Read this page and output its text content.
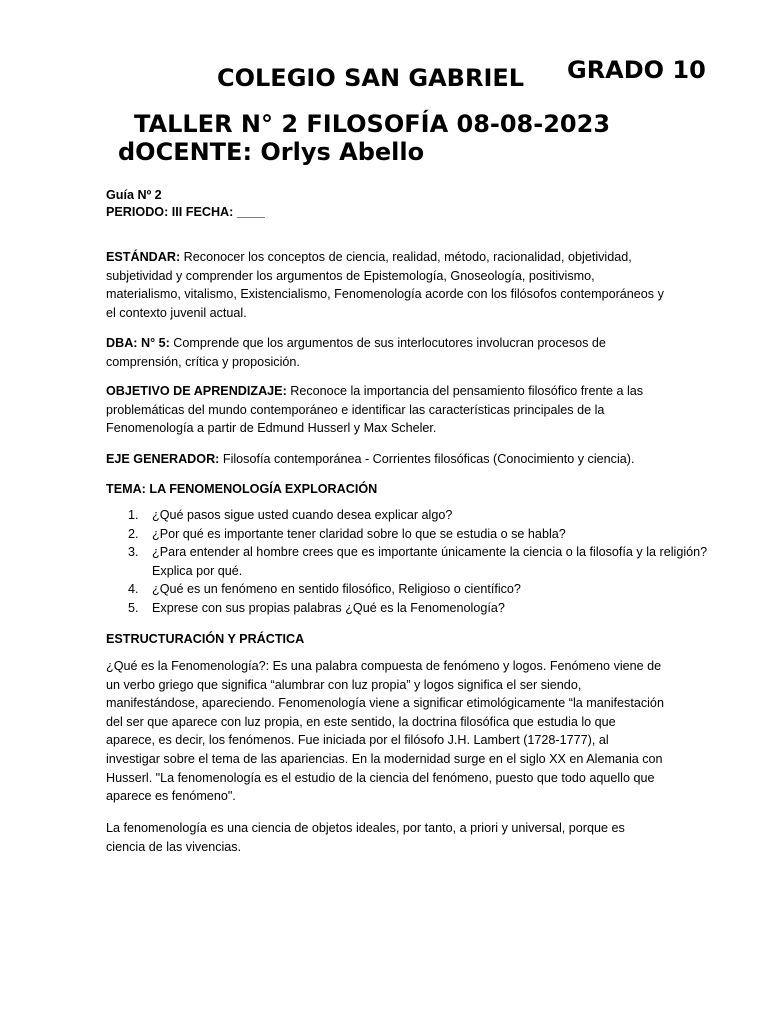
COLEGIO SAN GABRIEL GRADO 10
TALLER N° 2 FILOSOFÍA 08-08-2023
dOCENTE: Orlys Abello
Guía Nº 2
PERIODO: III FECHA: ____
ESTÁNDAR: Reconocer los conceptos de ciencia, realidad, método, racionalidad, objetividad, subjetividad y comprender los argumentos de Epistemología, Gnoseología, positivismo, materialismo, vitalismo, Existencialismo, Fenomenología acorde con los filósofos contemporáneos y el contexto juvenil actual.
DBA: N° 5: Comprende que los argumentos de sus interlocutores involucran procesos de comprensión, crítica y proposición.
OBJETIVO DE APRENDIZAJE: Reconoce la importancia del pensamiento filosófico frente a las problemáticas del mundo contemporáneo e identificar las características principales de la Fenomenología a partir de Edmund Husserl y Max Scheler.
EJE GENERADOR: Filosofía contemporánea - Corrientes filosóficas (Conocimiento y ciencia).
TEMA: LA FENOMENOLOGÍA EXPLORACIÓN
1. ¿Qué pasos sigue usted cuando desea explicar algo?
2. ¿Por qué es importante tener claridad sobre lo que se estudia o se habla?
3. ¿Para entender al hombre crees que es importante únicamente la ciencia o la filosofía y la religión? Explica por qué.
4. ¿Qué es un fenómeno en sentido filosófico, Religioso o científico?
5. Exprese con sus propias palabras ¿Qué es la Fenomenología?
ESTRUCTURACIÓN Y PRÁCTICA
¿Qué es la Fenomenología?: Es una palabra compuesta de fenómeno y logos. Fenómeno viene de un verbo griego que significa “alumbrar con luz propia” y logos significa el ser siendo, manifestándose, apareciendo. Fenomenología viene a significar etimológicamente “la manifestación del ser que aparece con luz propia, en este sentido, la doctrina filosófica que estudia lo que aparece, es decir, los fenómenos. Fue iniciada por el filósofo J.H. Lambert (1728-1777), al investigar sobre el tema de las apariencias. En la modernidad surge en el siglo XX en Alemania con Husserl. "La fenomenología es el estudio de la ciencia del fenómeno, puesto que todo aquello que aparece es fenómeno".
La fenomenología es una ciencia de objetos ideales, por tanto, a priori y universal, porque es ciencia de las vivencias.
